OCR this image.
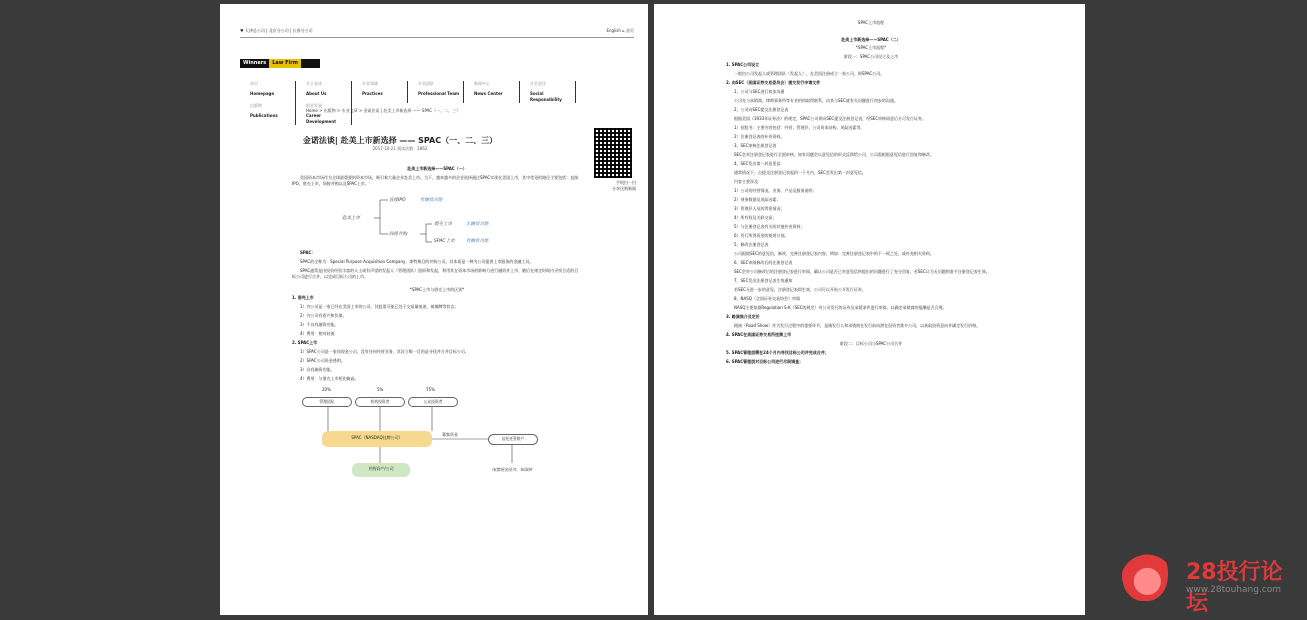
♥ 天津总公司 | 北京分公司 | 长春分公司	English ⌂ 首页
Winners	Law Firm
首页
Homepage
关于金诺
About Us
专业领域
Practices
专业团队
Professional Team
新闻中心
News Center
社会责任
Social Responsibility
出版物
Publications
职业发展
Career Development
Home > 出版物 > 专业文章 > 金诺法谈 | 赴美上市新选择 —— SPAC（一、二、三）
金诺法谈| 赴美上市新选择 —— SPAC（一、二、三）
2017-10-21 阅读次数：1862
手机扫一扫
分享这则新闻

赴美上市新选择——SPAC（一）

美国资本市场作为全球最重要的资本市场，吸引着大量企业赴美上市。当下，越来越多的企业选择通过SPAC实现在美国上市，其中常见的路径主要包括：直接IPO，借壳上市、间接并购以及SPAC上市。

赴美上市
直接IPO	有融资功能
间接并购
借壳上市	无融资功能
SPAC上市	有融资功能

SPAC：

SPAC的全称为：Special Purpose Acquisition Company，即特殊目的并购公司。其本质是一种为公司提供上市服务的金融工具。

SPAC通常是由投资经验丰富的人士或有声望的发起人（管理团队）组织和发起，利用其在资本市场的影响力进行融资并上市，随后在规定时间内寻找合适的目标公司进行合并，以完成目标公司的上市。

*SPAC上市与借壳上市的区别*

1. 借壳上市

1）内公司是一家已经在美国上市的公司，其股票可能已处于交易量低迷、被摘牌等状态；

2）内公司有资产和负债。

3）不具有融资功能。

4）费用：相对较低

2. SPAC上市

1）SPAC公司是一家纯现金公司，没有任何经营业务，其设立唯一目的是寻找并合并目标公司。

2）SPAC公司资金透明。

3）具有融资功能。

4）费用：与借壳上市相比略高。

20%	5%	75%
管理团队	机构投资者	公众投资者
SPAC（NASDAQ挂牌公司）
募集资金
信托托管账户
并购资产/公司	闲置现金投资、如国债

SPAC上市流程

赴美上市新选择——SPAC（二）

*SPAC上市流程*

阶段一：SPAC公司设立及上市

1. SPAC公司设立

一般由公司发起人或管理团队（发起人），在美国注册成立一家公司，即SPAC公司。

2. 向SEC（美国证券交易委员会）提交发行申请文件

1、公司与SEC进行初步沟通

公司先与承销商、律师事务所等专业机构取得联系，由其与SEC就有关问题进行初步的沟通。

2、公司向SEC提交注册登记表

根据美国《1933年证券法》的规定，SPAC公司须向SEC提交注册登记表，经SEC审核同意后方可发行证券。

1）招股书：主要内容包括：经营、管理层、公司资本结构、风险因素等。

2）注册登记表的补充资料。

3、SEC审核注册登记表

SEC会对注册登记表进行全面审核，如有问题会以意见信的形式反馈给公司，公司需根据意见信进行回复和修改。

4、SEC发出第一封意见信

通常情况下，自提交注册登记表起约一个月内，SEC会发出第一封意见信。

内容主要涉及：

1）公司的经营情况、业务、产品及服务说明；

2）财务数据及风险因素；

3）管理层人员的背景情况；

4）所有权及关联交易；

5）与注册登记表有关的其他补充资料；

6）发行所得资金的使用计划。

5、修改注册登记表

公司根据SEC的意见信，修改、完善注册登记表内容，例如：完善注册登记表中的不一致之处，或补充相关资料。

6、SEC审阅修改后的注册登记表

SEC会对公司修改后的注册登记表进行审阅，确认公司是否已对意见信所提出的问题进行了充分回复，若SEC认为无问题则准予注册登记表生效。

7、SEC发出注册登记表生效通知

若SEC无进一步的意见，注册登记表即生效，公司可以开始公开发行证券。

8、NASQ（全国证券交易协会）审阅

NASQ主要依据Regulation S-K（SEC的规定）对公司发行的证券及承销条件进行审阅，以确定承销商的报酬是否合理。

3. 路演推介及定价

路演（Road Show）作为发行过程中的重要环节，是指发行人和承销商在发行前向潜在投资者推介公司，以获取投资意向并确定发行价格。

4. SPAC在美国证券交易所挂牌上市

阶段二：目标公司与SPAC公司合并

5. SPAC管理层需在24个月内寻找目标公司并完成合并；

6. SPAC管理层对目标公司进行尽职调查；

28投行论坛
www.28touhang.com
